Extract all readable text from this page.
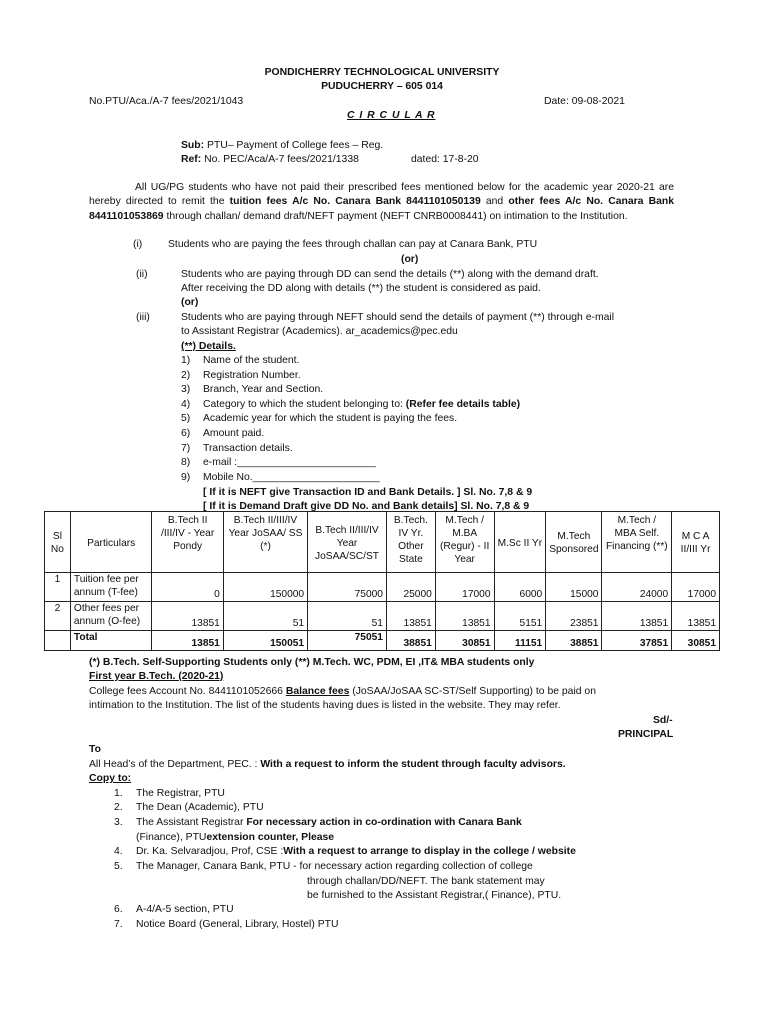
PONDICHERRY TECHNOLOGICAL UNIVERSITY
PUDUCHERRY – 605 014
No.PTU/Aca./A-7 fees/2021/1043	Date: 09-08-2021
C I R C U L A R
Sub: PTU– Payment of College fees – Reg.
Ref: No. PEC/Aca/A-7 fees/2021/1338	dated: 17-8-20
All UG/PG students who have not paid their prescribed fees mentioned below for the academic year 2020-21 are hereby directed to remit the tuition fees A/c No. Canara Bank 8441101050139 and other fees A/c No. Canara Bank 8441101053869 through challan/ demand draft/NEFT payment (NEFT CNRB0008441) on intimation to the Institution.
(i) Students who are paying the fees through challan can pay at Canara Bank, PTU
(or)
(ii)	Students who are paying through DD can send the details (**) along with the demand draft.
After receiving the DD along with details (**) the student is considered as paid.
(or)
(iii)	Students who are paying through NEFT should send the details of payment (**) through e-mail
to Assistant Registrar (Academics). ar_academics@pec.edu
(**) Details.
1) Name of the student.
2) Registration Number.
3) Branch, Year and Section.
4) Category to which the student belonging to: (Refer fee details table)
5) Academic year for which the student is paying the fees.
6) Amount paid.
7) Transaction details.
8) e-mail :________________________
9) Mobile No.______________________
[ If it is NEFT give Transaction ID and Bank Details. ] Sl. No. 7,8 & 9
[ If it is Demand Draft give DD No. and Bank details] Sl. No. 7,8 & 9
Sl No	Particulars	B.Tech II /III/IV - Year Pondy	B.Tech II/III/IV Year JoSAA/ SS (*)	B.Tech II/III/IV Year JoSAA/SC/ST	B.Tech. IV Yr. Other State	M.Tech / M.BA (Regur) - II Year	M.Sc II Yr	M.Tech Sponsored	M.Tech / MBA Self. Financing (**)	M C A II/III Yr
1	Tuition fee per annum (T-fee)	0	150000	75000	25000	17000	6000	15000	24000	17000
2	Other fees per annum (O-fee)	13851	51	51	13851	13851	5151	23851	13851	13851
	Total	13851	150051	75051	38851	30851	11151	38851	37851	30851
(*) B.Tech. Self-Supporting Students only (**) M.Tech. WC, PDM, EI ,IT& MBA students only
First year B.Tech. (2020-21)
College fees Account No. 8441101052666 Balance fees (JoSAA/JoSAA SC-ST/Self Supporting) to be paid on
intimation to the Institution. The list of the students having dues is listed in the website. They may refer.
Sd/-
PRINCIPAL
To
All Head’s of the Department, PEC. : With a request to inform the student through faculty advisors.
Copy to:
1. The Registrar, PTU
2. The Dean (Academic), PTU
3. The Assistant Registrar For necessary action in co-ordination with Canara Bank
(Finance), PTUextension counter, Please
4. Dr. Ka. Selvaradjou, Prof, CSE :With a request to arrange to display in the college / website
5. The Manager, Canara Bank, PTU - for necessary action regarding collection of college
through challan/DD/NEFT. The bank statement may
be furnished to the Assistant Registrar,( Finance), PTU.
6. A-4/A-5 section, PTU
7. Notice Board (General, Library, Hostel) PTU
